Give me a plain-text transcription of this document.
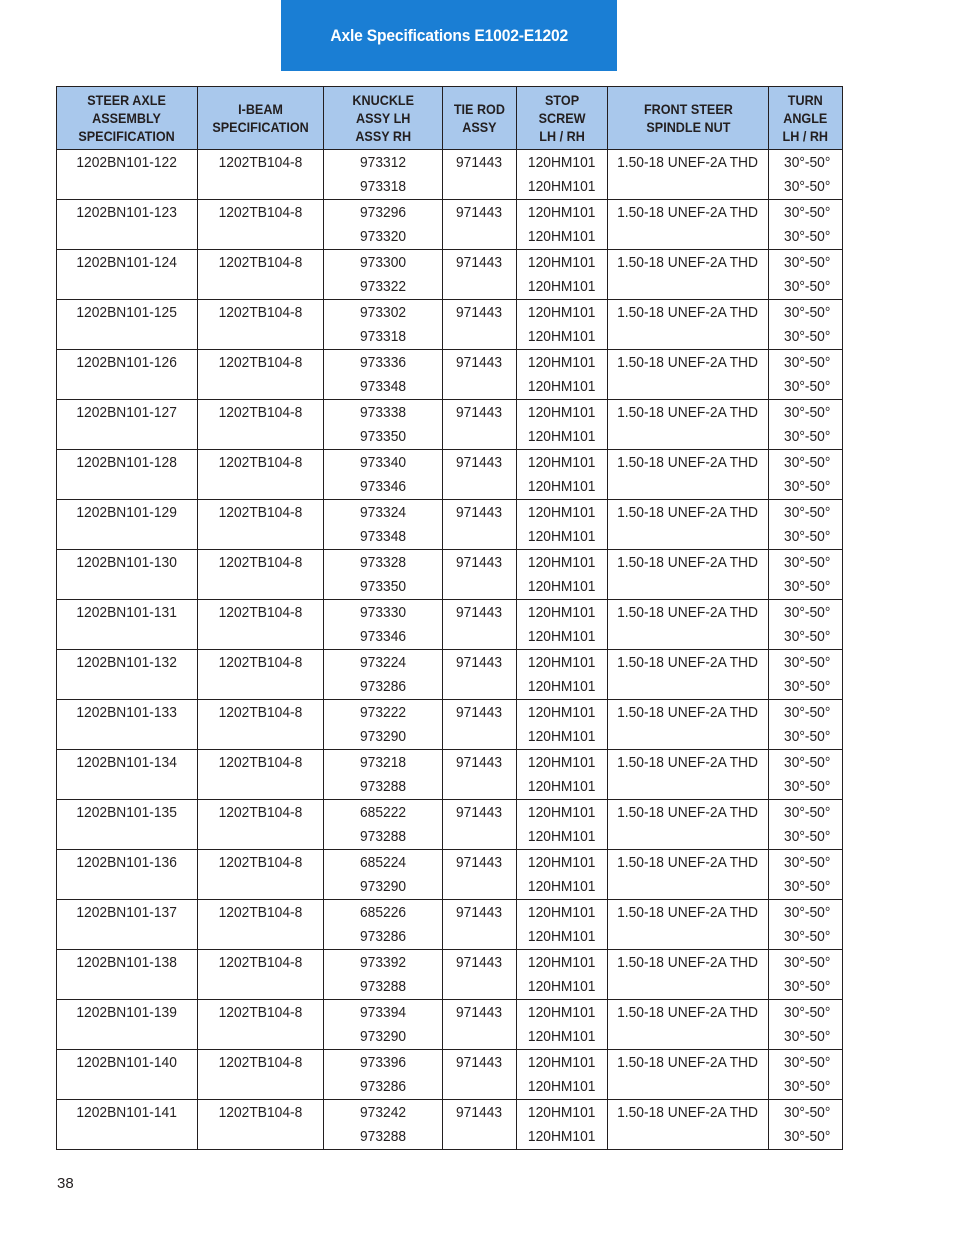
Axle Specifications E1002-E1202
STEER AXLE
ASSEMBLY
SPECIFICATION	I-BEAM
SPECIFICATION	KNUCKLE
ASSY LH
ASSY RH	TIE ROD
ASSY	STOP
SCREW
LH / RH	FRONT STEER
SPINDLE NUT	TURN
ANGLE
LH / RH
1202BN101-122	1202TB104-8	973312	971443	120HM101	1.50-18 UNEF-2A THD	30°-50°
		973318		120HM101		30°-50°
1202BN101-123	1202TB104-8	973296	971443	120HM101	1.50-18 UNEF-2A THD	30°-50°
		973320		120HM101		30°-50°
1202BN101-124	1202TB104-8	973300	971443	120HM101	1.50-18 UNEF-2A THD	30°-50°
		973322		120HM101		30°-50°
1202BN101-125	1202TB104-8	973302	971443	120HM101	1.50-18 UNEF-2A THD	30°-50°
		973318		120HM101		30°-50°
1202BN101-126	1202TB104-8	973336	971443	120HM101	1.50-18 UNEF-2A THD	30°-50°
		973348		120HM101		30°-50°
1202BN101-127	1202TB104-8	973338	971443	120HM101	1.50-18 UNEF-2A THD	30°-50°
		973350		120HM101		30°-50°
1202BN101-128	1202TB104-8	973340	971443	120HM101	1.50-18 UNEF-2A THD	30°-50°
		973346		120HM101		30°-50°
1202BN101-129	1202TB104-8	973324	971443	120HM101	1.50-18 UNEF-2A THD	30°-50°
		973348		120HM101		30°-50°
1202BN101-130	1202TB104-8	973328	971443	120HM101	1.50-18 UNEF-2A THD	30°-50°
		973350		120HM101		30°-50°
1202BN101-131	1202TB104-8	973330	971443	120HM101	1.50-18 UNEF-2A THD	30°-50°
		973346		120HM101		30°-50°
1202BN101-132	1202TB104-8	973224	971443	120HM101	1.50-18 UNEF-2A THD	30°-50°
		973286		120HM101		30°-50°
1202BN101-133	1202TB104-8	973222	971443	120HM101	1.50-18 UNEF-2A THD	30°-50°
		973290		120HM101		30°-50°
1202BN101-134	1202TB104-8	973218	971443	120HM101	1.50-18 UNEF-2A THD	30°-50°
		973288		120HM101		30°-50°
1202BN101-135	1202TB104-8	685222	971443	120HM101	1.50-18 UNEF-2A THD	30°-50°
		973288		120HM101		30°-50°
1202BN101-136	1202TB104-8	685224	971443	120HM101	1.50-18 UNEF-2A THD	30°-50°
		973290		120HM101		30°-50°
1202BN101-137	1202TB104-8	685226	971443	120HM101	1.50-18 UNEF-2A THD	30°-50°
		973286		120HM101		30°-50°
1202BN101-138	1202TB104-8	973392	971443	120HM101	1.50-18 UNEF-2A THD	30°-50°
		973288		120HM101		30°-50°
1202BN101-139	1202TB104-8	973394	971443	120HM101	1.50-18 UNEF-2A THD	30°-50°
		973290		120HM101		30°-50°
1202BN101-140	1202TB104-8	973396	971443	120HM101	1.50-18 UNEF-2A THD	30°-50°
		973286		120HM101		30°-50°
1202BN101-141	1202TB104-8	973242	971443	120HM101	1.50-18 UNEF-2A THD	30°-50°
		973288		120HM101		30°-50°
38
